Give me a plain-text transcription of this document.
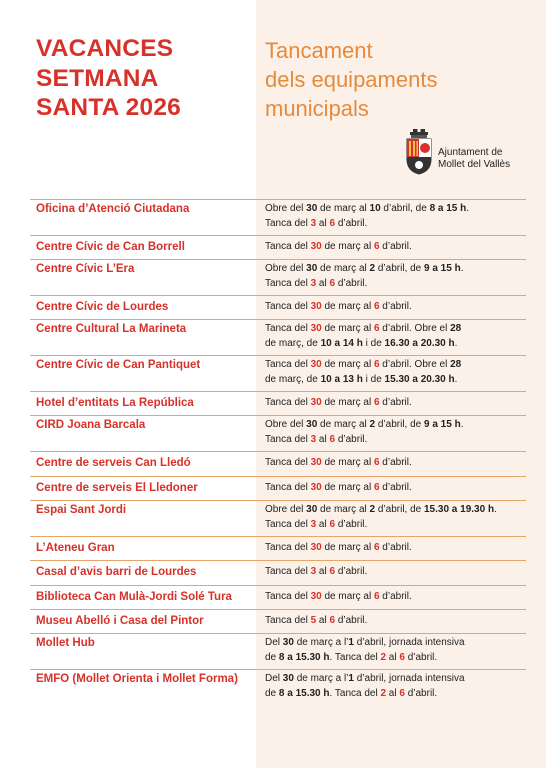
VACANCES
SETMANA
SANTA 2026
Tancament
dels equipaments
municipals
Ajuntament de
Mollet del Vallès
Oficina d’Atenció Ciutadana	Obre del 30 de març al 10 d’abril, de 8 a 15 h.
Tanca del 3 al 6 d’abril.
Centre Cívic de Can Borrell	Tanca del 30 de març al 6 d’abril.
Centre Cívic L’Era	Obre del 30 de març al 2 d’abril, de 9 a 15 h.
Tanca del 3 al 6 d’abril.
Centre Cívic de Lourdes	Tanca del 30 de març al 6 d’abril.
Centre Cultural La Marineta	Tanca del 30 de març al 6 d’abril. Obre el 28
de març, de 10 a 14 h i de 16.30 a 20.30 h.
Centre Cívic de Can Pantiquet	Tanca del 30 de març al 6 d’abril. Obre el 28
de març, de 10 a 13 h i de 15.30 a 20.30 h.
Hotel d’entitats La República	Tanca del 30 de març al 6 d’abril.
CIRD Joana Barcala	Obre del 30 de març al 2 d’abril, de 9 a 15 h.
Tanca del 3 al 6 d’abril.
Centre de serveis Can Lledó	Tanca del 30 de març al 6 d’abril.
Centre de serveis El Lledoner	Tanca del 30 de març al 6 d’abril.
Espai Sant Jordi	Obre del 30 de març al 2 d’abril, de 15.30 a 19.30 h.
Tanca del 3 al 6 d’abril.
L’Ateneu Gran	Tanca del 30 de març al 6 d’abril.
Casal d’avis barri de Lourdes	Tanca del 3 al 6 d’abril.
Biblioteca Can Mulà-Jordi Solé Tura	Tanca del 30 de març al 6 d’abril.
Museu Abelló i Casa del Pintor	Tanca del 5 al 6 d’abril.
Mollet Hub	Del 30 de març a l’1 d’abril, jornada intensiva
de 8 a 15.30 h. Tanca del 2 al 6 d’abril.
EMFO (Mollet Orienta i Mollet Forma)	Del 30 de març a l’1 d’abril, jornada intensiva
de 8 a 15.30 h. Tanca del 2 al 6 d’abril.
